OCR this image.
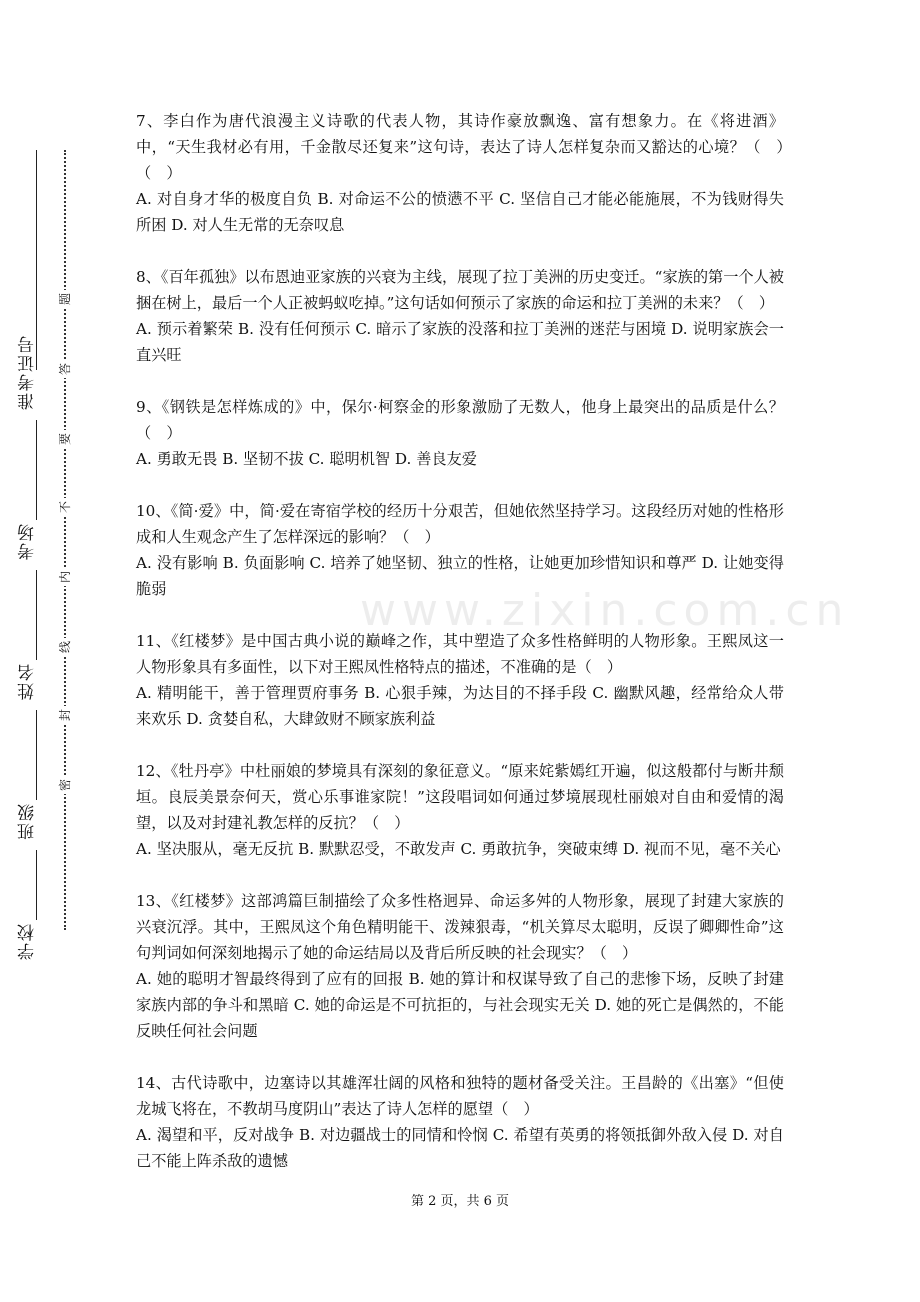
准考证号
考场
姓名
班级
学校
题
答
要
不
内
线
封
密
www.zixin.com.cn

7、李白作为唐代浪漫主义诗歌的代表人物，其诗作豪放飘逸、富有想象力。在《将进酒》中，“天生我材必有用，千金散尽还复来”这句诗，表达了诗人怎样复杂而又豁达的心境？（　）　（　）

A. 对自身才华的极度自负 B. 对命运不公的愤懑不平 C. 坚信自己才能必能施展，不为钱财得失所困 D. 对人生无常的无奈叹息

8、《百年孤独》以布恩迪亚家族的兴衰为主线，展现了拉丁美洲的历史变迁。“家族的第一个人被捆在树上，最后一个人正被蚂蚁吃掉。”这句话如何预示了家族的命运和拉丁美洲的未来？（　）

A. 预示着繁荣 B. 没有任何预示 C. 暗示了家族的没落和拉丁美洲的迷茫与困境 D. 说明家族会一直兴旺

9、《钢铁是怎样炼成的》中，保尔·柯察金的形象激励了无数人，他身上最突出的品质是什么？（　）

A. 勇敢无畏 B. 坚韧不拔 C. 聪明机智 D. 善良友爱

10、《简·爱》中，简·爱在寄宿学校的经历十分艰苦，但她依然坚持学习。这段经历对她的性格形成和人生观念产生了怎样深远的影响？（　）

A. 没有影响 B. 负面影响 C. 培养了她坚韧、独立的性格，让她更加珍惜知识和尊严 D. 让她变得脆弱

11、《红楼梦》是中国古典小说的巅峰之作，其中塑造了众多性格鲜明的人物形象。王熙凤这一人物形象具有多面性，以下对王熙凤性格特点的描述，不准确的是（　）

A. 精明能干，善于管理贾府事务 B. 心狠手辣，为达目的不择手段 C. 幽默风趣，经常给众人带来欢乐 D. 贪婪自私，大肆敛财不顾家族利益

12、《牡丹亭》中杜丽娘的梦境具有深刻的象征意义。“原来姹紫嫣红开遍，似这般都付与断井颓垣。良辰美景奈何天，赏心乐事谁家院！”这段唱词如何通过梦境展现杜丽娘对自由和爱情的渴望，以及对封建礼教怎样的反抗？（　）

A. 坚决服从，毫无反抗 B. 默默忍受，不敢发声 C. 勇敢抗争，突破束缚 D. 视而不见，毫不关心

13、《红楼梦》这部鸿篇巨制描绘了众多性格迥异、命运多舛的人物形象，展现了封建大家族的兴衰沉浮。其中，王熙凤这个角色精明能干、泼辣狠毒，“机关算尽太聪明，反误了卿卿性命”这句判词如何深刻地揭示了她的命运结局以及背后所反映的社会现实？（　）

A. 她的聪明才智最终得到了应有的回报 B. 她的算计和权谋导致了自己的悲惨下场，反映了封建家族内部的争斗和黑暗 C. 她的命运是不可抗拒的，与社会现实无关 D. 她的死亡是偶然的，不能反映任何社会问题

14、古代诗歌中，边塞诗以其雄浑壮阔的风格和独特的题材备受关注。王昌龄的《出塞》“但使龙城飞将在，不教胡马度阴山”表达了诗人怎样的愿望（　）

A. 渴望和平，反对战争 B. 对边疆战士的同情和怜悯 C. 希望有英勇的将领抵御外敌入侵 D. 对自己不能上阵杀敌的遗憾

第 2 页，共 6 页
